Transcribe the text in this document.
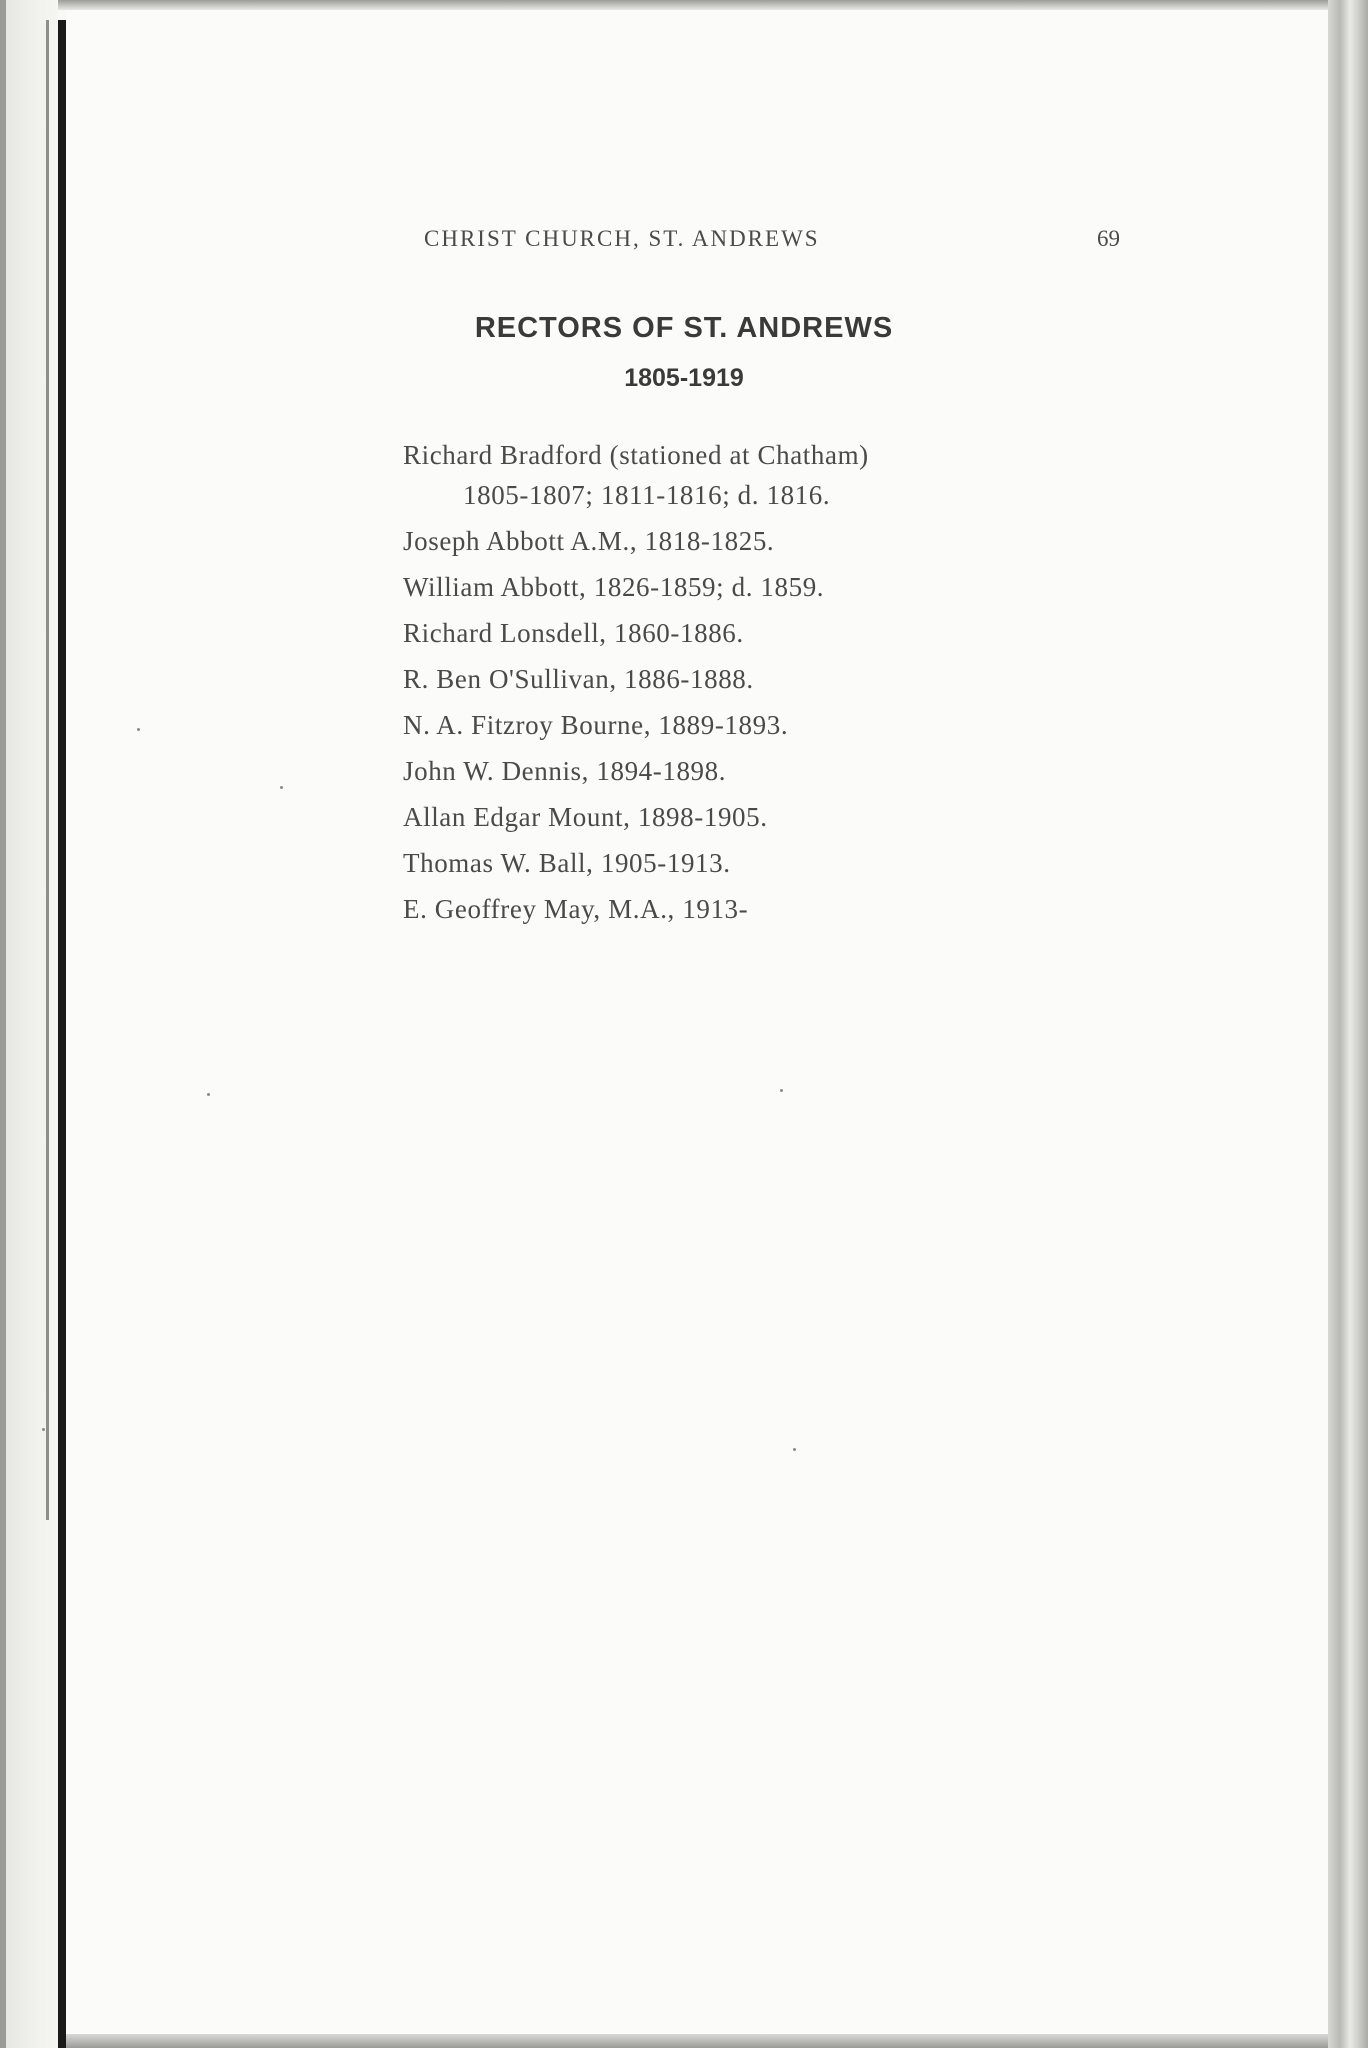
CHRIST CHURCH, ST. ANDREWS	69
RECTORS OF ST. ANDREWS
1805-1919
Richard Bradford (stationed at Chatham)
1805-1807; 1811-1816; d. 1816.
Joseph Abbott A.M., 1818-1825.
William Abbott, 1826-1859; d. 1859.
Richard Lonsdell, 1860-1886.
R. Ben O'Sullivan, 1886-1888.
N. A. Fitzroy Bourne, 1889-1893.
John W. Dennis, 1894-1898.
Allan Edgar Mount, 1898-1905.
Thomas W. Ball, 1905-1913.
E. Geoffrey May, M.A., 1913-
